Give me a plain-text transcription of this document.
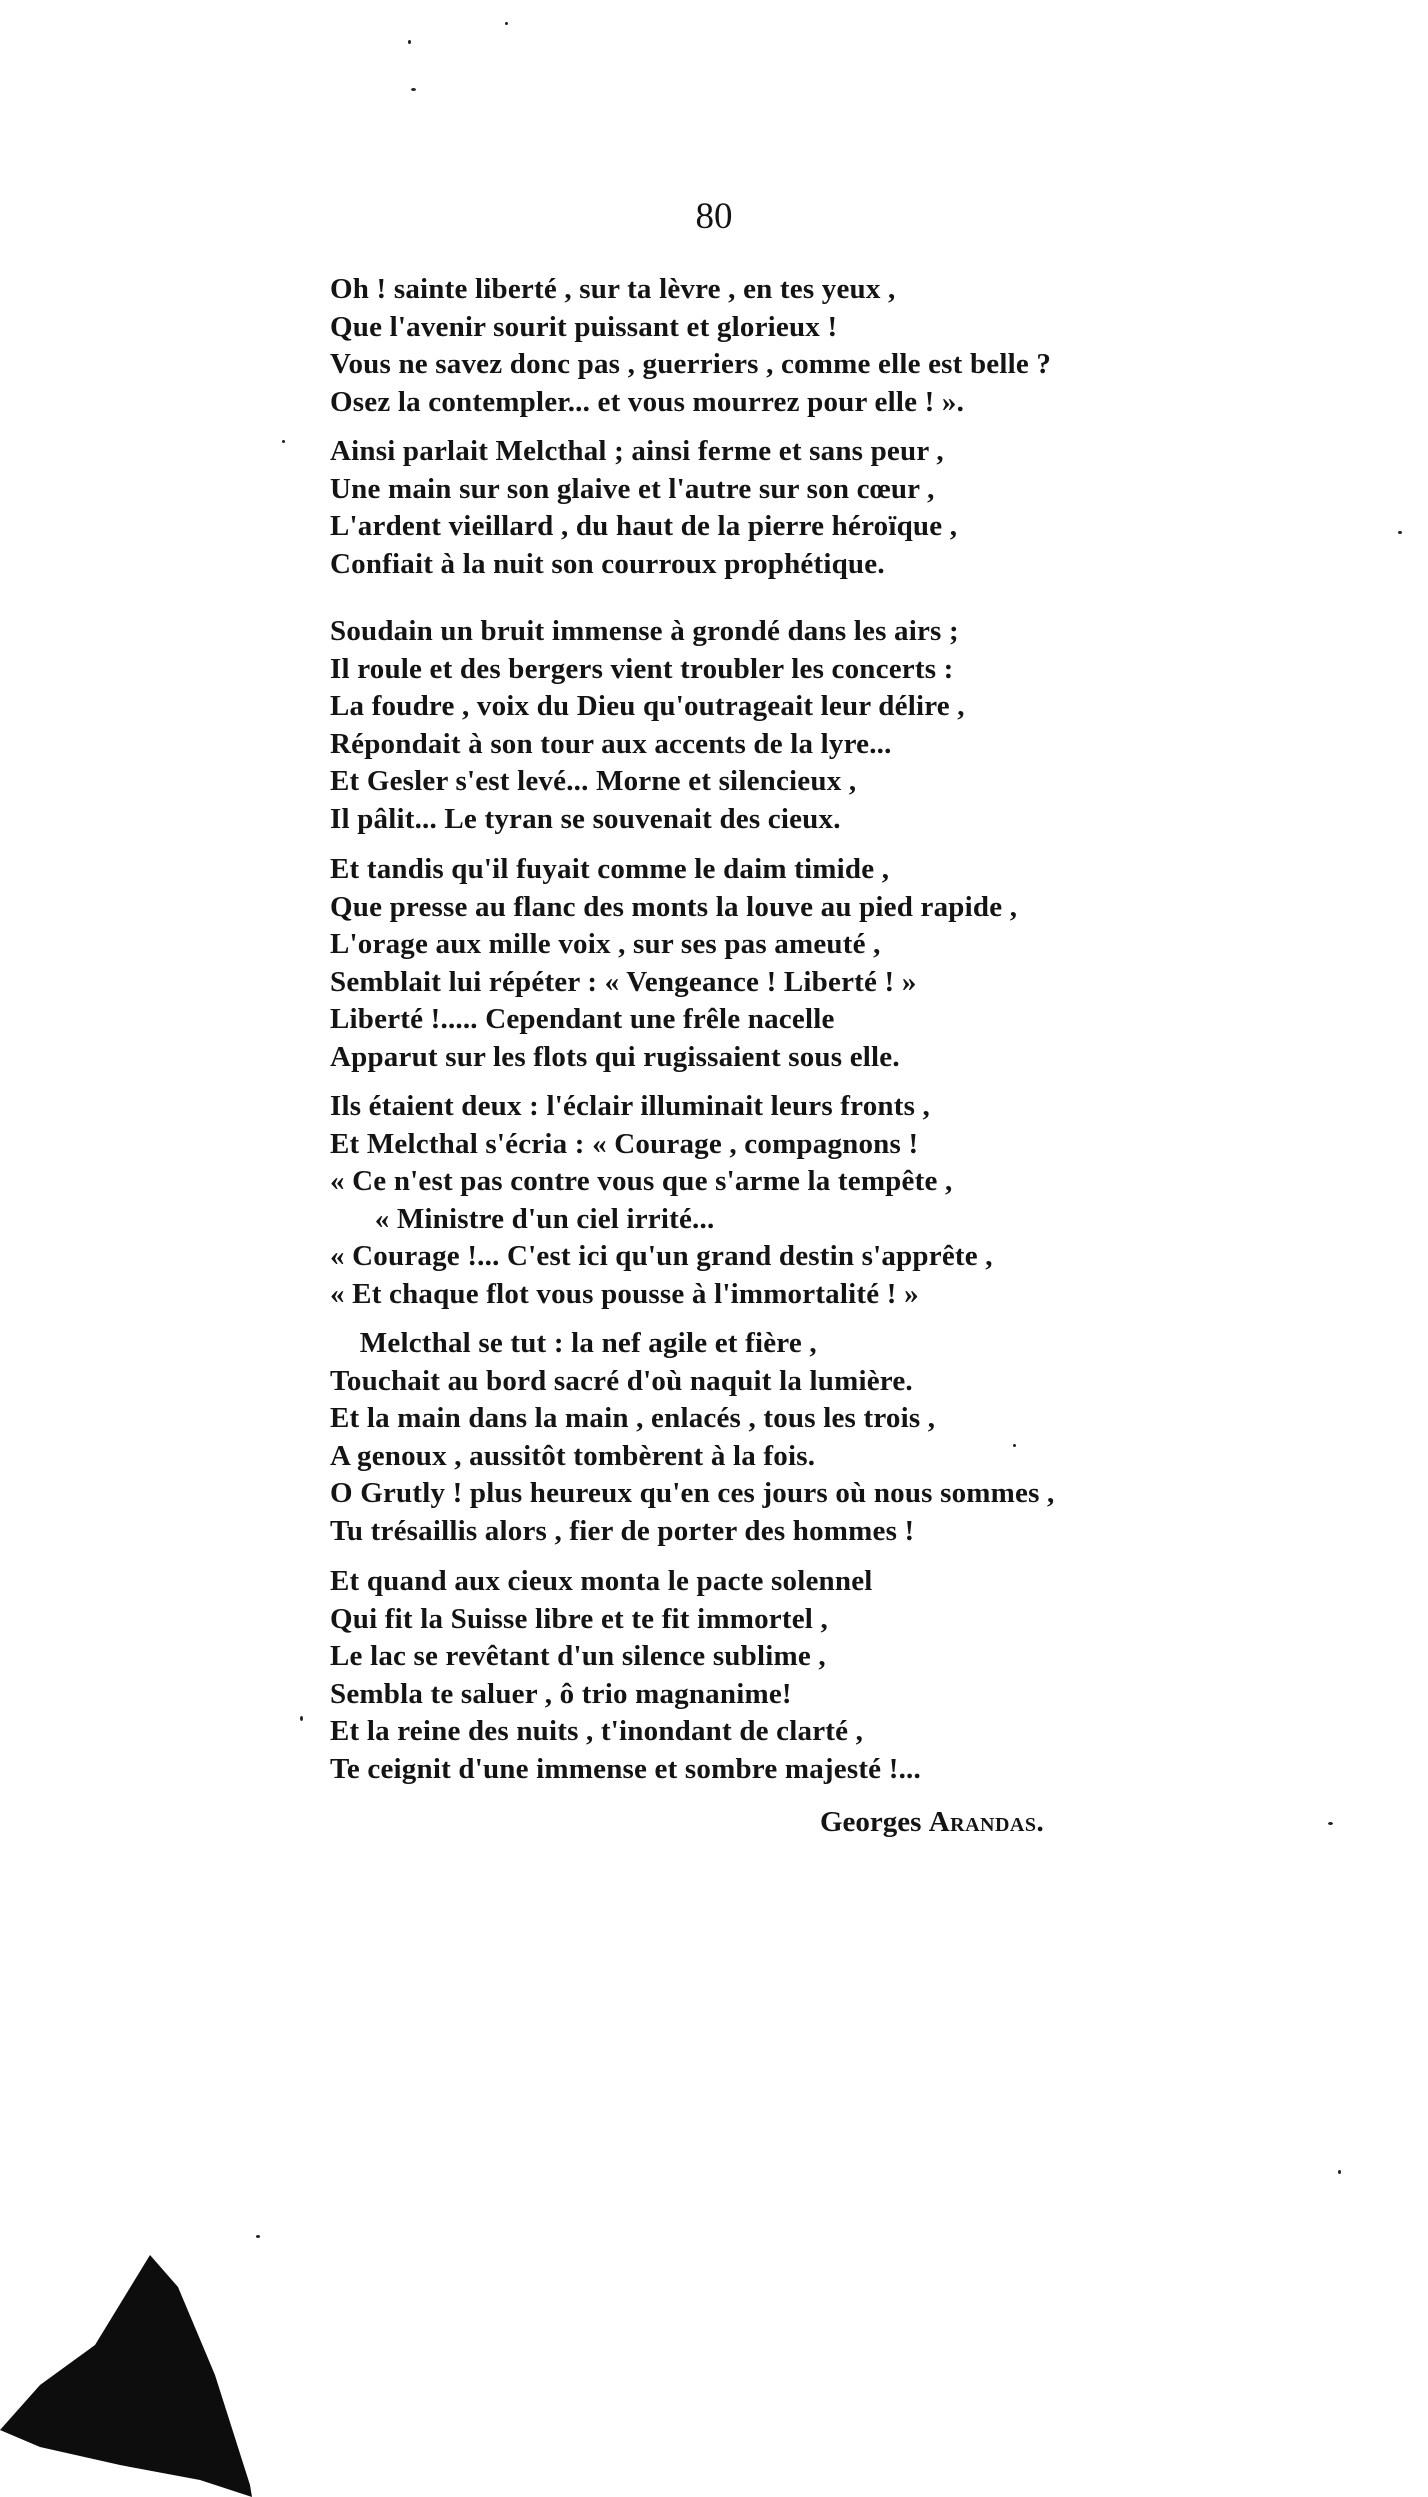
80
Oh ! sainte liberté , sur ta lèvre , en tes yeux ,
Que l'avenir sourit puissant et glorieux !
Vous ne savez donc pas , guerriers , comme elle est belle ?
Osez la contempler... et vous mourrez pour elle ! ».
Ainsi parlait Melcthal ; ainsi ferme et sans peur ,
Une main sur son glaive et l'autre sur son cœur ,
L'ardent vieillard , du haut de la pierre héroïque ,
Confiait à la nuit son courroux prophétique.
Soudain un bruit immense à grondé dans les airs ;
Il roule et des bergers vient troubler les concerts :
La foudre , voix du Dieu qu'outrageait leur délire ,
Répondait à son tour aux accents de la lyre...
Et Gesler s'est levé... Morne et silencieux ,
Il pâlit... Le tyran se souvenait des cieux.
Et tandis qu'il fuyait comme le daim timide ,
Que presse au flanc des monts la louve au pied rapide ,
L'orage aux mille voix , sur ses pas ameuté ,
Semblait lui répéter : « Vengeance ! Liberté ! »
Liberté !..... Cependant une frêle nacelle
Apparut sur les flots qui rugissaient sous elle.
Ils étaient deux : l'éclair illuminait leurs fronts ,
Et Melcthal s'écria : « Courage , compagnons !
« Ce n'est pas contre vous que s'arme la tempête ,
« Ministre d'un ciel irrité...
« Courage !... C'est ici qu'un grand destin s'apprête ,
« Et chaque flot vous pousse à l'immortalité ! »
Melcthal se tut : la nef agile et fière ,
Touchait au bord sacré d'où naquit la lumière.
Et la main dans la main , enlacés , tous les trois ,
A genoux , aussitôt tombèrent à la fois.
O Grutly ! plus heureux qu'en ces jours où nous sommes ,
Tu trésaillis alors , fier de porter des hommes !
Et quand aux cieux monta le pacte solennel
Qui fit la Suisse libre et te fit immortel ,
Le lac se revêtant d'un silence sublime ,
Sembla te saluer , ô trio magnanime!
Et la reine des nuits , t'inondant de clarté ,
Te ceignit d'une immense et sombre majesté !...
Georges Arandas.
